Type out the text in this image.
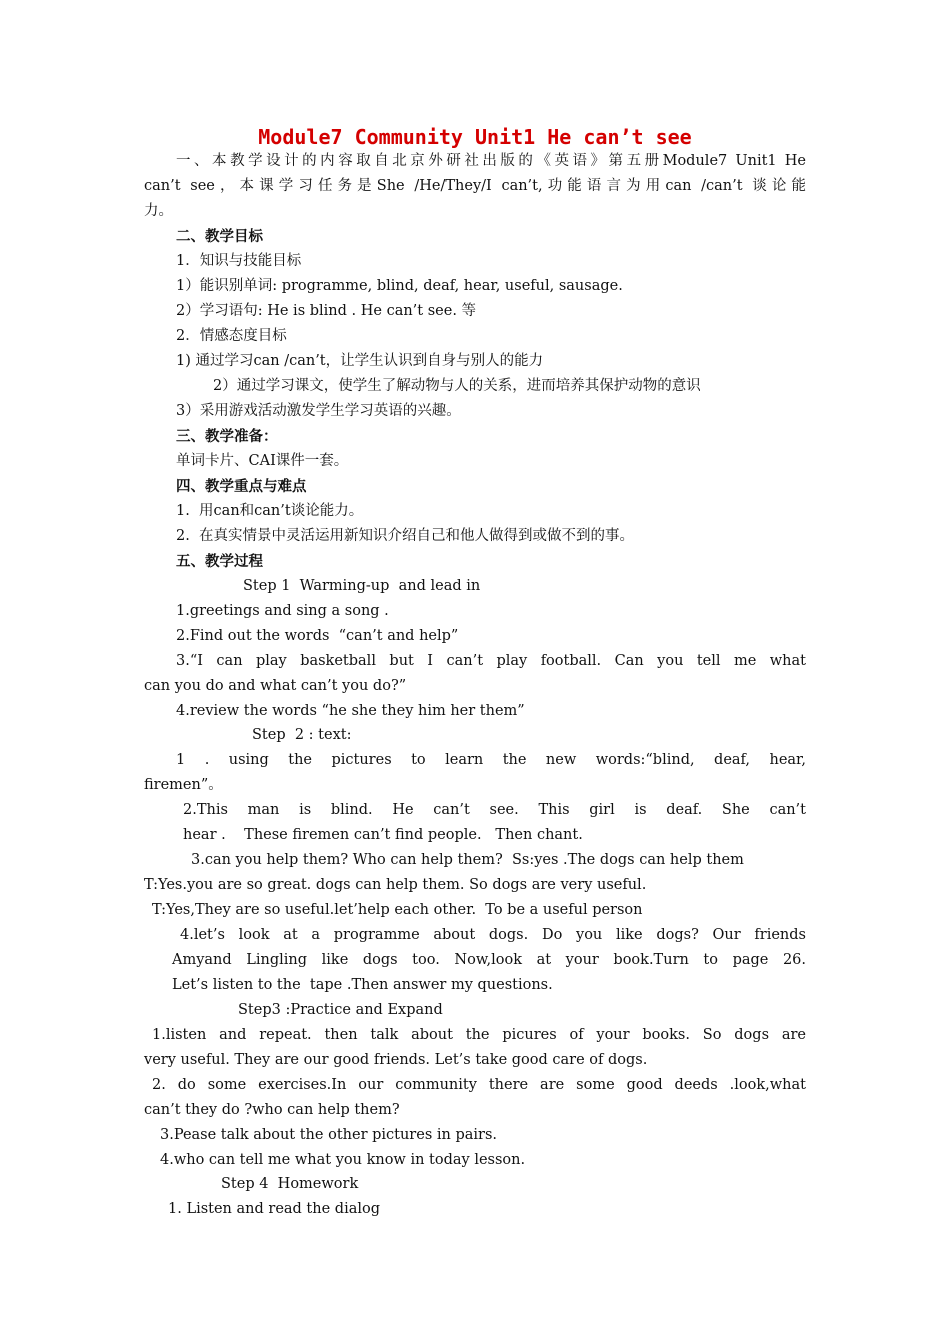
Module7 Community Unit1 He can’t see
一、本教学设计的内容取自北京外研社出版的《英语》第五册Module7 Unit1 He
can’t see，本课学习任务是She /He/They/I can’t,功能语言为用can /can’t 谈论能
力。
二、教学目标
1．知识与技能目标
1）能识别单词: programme, blind, deaf, hear, useful, sausage.
2）学习语句: He is blind . He can’t see. 等
2．情感态度目标
1) 通过学习can /can’t，让学生认识到自身与别人的能力
2）通过学习课文，使学生了解动物与人的关系，进而培养其保护动物的意识
3）采用游戏活动激发学生学习英语的兴趣。
三、教学准备：
单词卡片、CAI课件一套。
四、教学重点与难点
1.  用can和can’t谈论能力。
2.  在真实情景中灵活运用新知识介绍自己和他人做得到或做不到的事。
五、教学过程
Step 1  Warming-up  and lead in
1.greetings and sing a song .
2.Find out the words  “can’t and help”
3.“I can play basketball but I can’t play football. Can you tell me what
can you do and what can’t you do?”
4.review the words “he she they him her them”
Step  2 : text:
1 . using the pictures to learn the new words:“blind, deaf, hear,
firemen”。
2.This man is blind. He can’t see. This girl is deaf. She can’t
hear .    These firemen can’t find people.   Then chant.
3.can you help them? Who can help them?  Ss:yes .The dogs can help them
T:Yes.you are so great. dogs can help them. So dogs are very useful.
T:Yes,They are so useful.let’help each other.  To be a useful person
4.let’s look at a programme about dogs. Do you like dogs? Our friends
Amyand Lingling like dogs too. Now,look at your book.Turn to page 26.
Let’s listen to the  tape .Then answer my questions.
Step3 :Practice and Expand
1.listen and repeat. then talk about the picures of your books. So dogs are
very useful. They are our good friends. Let’s take good care of dogs.
2. do some exercises.In our community there are some good deeds .look,what
can’t they do ?who can help them?
3.Pease talk about the other pictures in pairs.
4.who can tell me what you know in today lesson.
Step 4  Homework
1. Listen and read the dialog
